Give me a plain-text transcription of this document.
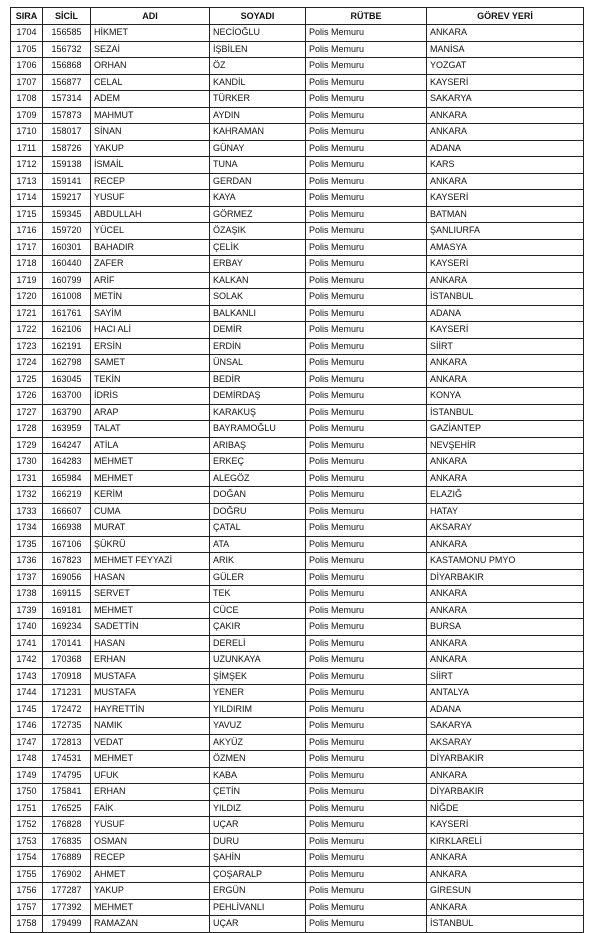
SIRA	SİCİL	ADI	SOYADI	RÜTBE	GÖREV YERİ
1704	156585	HİKMET	NECİOĞLU	Polis Memuru	ANKARA
1705	156732	SEZAİ	İŞBİLEN	Polis Memuru	MANİSA
1706	156868	ORHAN	ÖZ	Polis Memuru	YOZGAT
1707	156877	CELAL	KANDİL	Polis Memuru	KAYSERİ
1708	157314	ADEM	TÜRKER	Polis Memuru	SAKARYA
1709	157873	MAHMUT	AYDIN	Polis Memuru	ANKARA
1710	158017	SİNAN	KAHRAMAN	Polis Memuru	ANKARA
1711	158726	YAKUP	GÜNAY	Polis Memuru	ADANA
1712	159138	İSMAİL	TUNA	Polis Memuru	KARS
1713	159141	RECEP	GERDAN	Polis Memuru	ANKARA
1714	159217	YUSUF	KAYA	Polis Memuru	KAYSERİ
1715	159345	ABDULLAH	GÖRMEZ	Polis Memuru	BATMAN
1716	159720	YÜCEL	ÖZAŞIK	Polis Memuru	ŞANLIURFA
1717	160301	BAHADIR	ÇELİK	Polis Memuru	AMASYA
1718	160440	ZAFER	ERBAY	Polis Memuru	KAYSERİ
1719	160799	ARİF	KALKAN	Polis Memuru	ANKARA
1720	161008	METİN	SOLAK	Polis Memuru	İSTANBUL
1721	161761	SAYİM	BALKANLI	Polis Memuru	ADANA
1722	162106	HACI ALİ	DEMİR	Polis Memuru	KAYSERİ
1723	162191	ERSİN	ERDİN	Polis Memuru	SİİRT
1724	162798	SAMET	ÜNSAL	Polis Memuru	ANKARA
1725	163045	TEKİN	BEDİR	Polis Memuru	ANKARA
1726	163700	İDRİS	DEMİRDAŞ	Polis Memuru	KONYA
1727	163790	ARAP	KARAKUŞ	Polis Memuru	İSTANBUL
1728	163959	TALAT	BAYRAMOĞLU	Polis Memuru	GAZİANTEP
1729	164247	ATİLA	ARIBAŞ	Polis Memuru	NEVŞEHİR
1730	164283	MEHMET	ERKEÇ	Polis Memuru	ANKARA
1731	165984	MEHMET	ALEGÖZ	Polis Memuru	ANKARA
1732	166219	KERİM	DOĞAN	Polis Memuru	ELAZIĞ
1733	166607	CUMA	DOĞRU	Polis Memuru	HATAY
1734	166938	MURAT	ÇATAL	Polis Memuru	AKSARAY
1735	167106	ŞÜKRÜ	ATA	Polis Memuru	ANKARA
1736	167823	MEHMET FEYYAZİ	ARIK	Polis Memuru	KASTAMONU PMYO
1737	169056	HASAN	GÜLER	Polis Memuru	DİYARBAKIR
1738	169115	SERVET	TEK	Polis Memuru	ANKARA
1739	169181	MEHMET	CÜCE	Polis Memuru	ANKARA
1740	169234	SADETTİN	ÇAKIR	Polis Memuru	BURSA
1741	170141	HASAN	DERELİ	Polis Memuru	ANKARA
1742	170368	ERHAN	UZUNKAYA	Polis Memuru	ANKARA
1743	170918	MUSTAFA	ŞİMŞEK	Polis Memuru	SİİRT
1744	171231	MUSTAFA	YENER	Polis Memuru	ANTALYA
1745	172472	HAYRETTİN	YILDIRIM	Polis Memuru	ADANA
1746	172735	NAMIK	YAVUZ	Polis Memuru	SAKARYA
1747	172813	VEDAT	AKYÜZ	Polis Memuru	AKSARAY
1748	174531	MEHMET	ÖZMEN	Polis Memuru	DİYARBAKIR
1749	174795	UFUK	KABA	Polis Memuru	ANKARA
1750	175841	ERHAN	ÇETİN	Polis Memuru	DİYARBAKIR
1751	176525	FAİK	YILDIZ	Polis Memuru	NİĞDE
1752	176828	YUSUF	UÇAR	Polis Memuru	KAYSERİ
1753	176835	OSMAN	DURU	Polis Memuru	KIRKLARELİ
1754	176889	RECEP	ŞAHİN	Polis Memuru	ANKARA
1755	176902	AHMET	ÇOŞARALP	Polis Memuru	ANKARA
1756	177287	YAKUP	ERGÜN	Polis Memuru	GİRESUN
1757	177392	MEHMET	PEHLİVANLI	Polis Memuru	ANKARA
1758	179499	RAMAZAN	UÇAR	Polis Memuru	İSTANBUL
